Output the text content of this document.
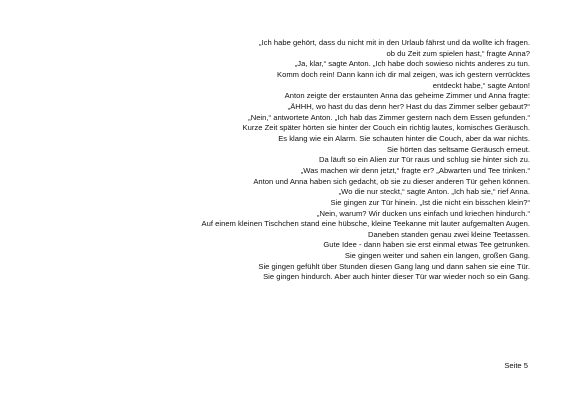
„Ich habe gehört, dass du nicht mit in den Urlaub fährst und da wollte ich fragen.
ob du Zeit zum spielen hast,“ fragte Anna?
„Ja, klar,“ sagte Anton. „Ich habe doch sowieso nichts anderes zu tun.
Komm doch rein! Dann kann ich dir mal zeigen, was ich gestern verrücktes
entdeckt habe,“ sagte Anton!
Anton zeigte der erstaunten Anna das geheime Zimmer und Anna fragte:
„ÄHHH, wo hast du das denn her? Hast du das Zimmer selber gebaut?“
„Nein,“ antwortete Anton. „Ich hab das Zimmer gestern nach dem Essen gefunden.“
Kurze Zeit später hörten sie hinter der Couch ein richtig lautes, komisches Geräusch.
Es klang wie ein Alarm. Sie schauten hinter die Couch, aber da war nichts.
Sie hörten das seltsame Geräusch erneut.
Da läuft so ein Alien zur Tür raus und schlug sie hinter sich zu.
„Was machen wir denn jetzt,“ fragte er? „Abwarten und Tee trinken.“
Anton und Anna haben sich gedacht, ob sie zu dieser anderen Tür gehen können.
„Wo die nur steckt,“ sagte Anton. „Ich hab sie,“ rief Anna.
Sie gingen zur Tür hinein. „Ist die nicht ein bisschen klein?“
„Nein, warum? Wir ducken uns einfach und kriechen hindurch.“
Auf einem kleinen Tischchen stand eine hübsche, kleine Teekanne mit lauter aufgemalten Augen.
Daneben standen genau zwei kleine Teetassen.
Gute Idee - dann haben sie erst einmal etwas Tee getrunken.
Sie gingen weiter und sahen ein langen, großen Gang.
Sie gingen gefühlt über Stunden diesen Gang lang und dann sahen sie eine Tür.
Sie gingen hindurch. Aber auch hinter dieser Tür war wieder noch so ein Gang.
Seite 5
